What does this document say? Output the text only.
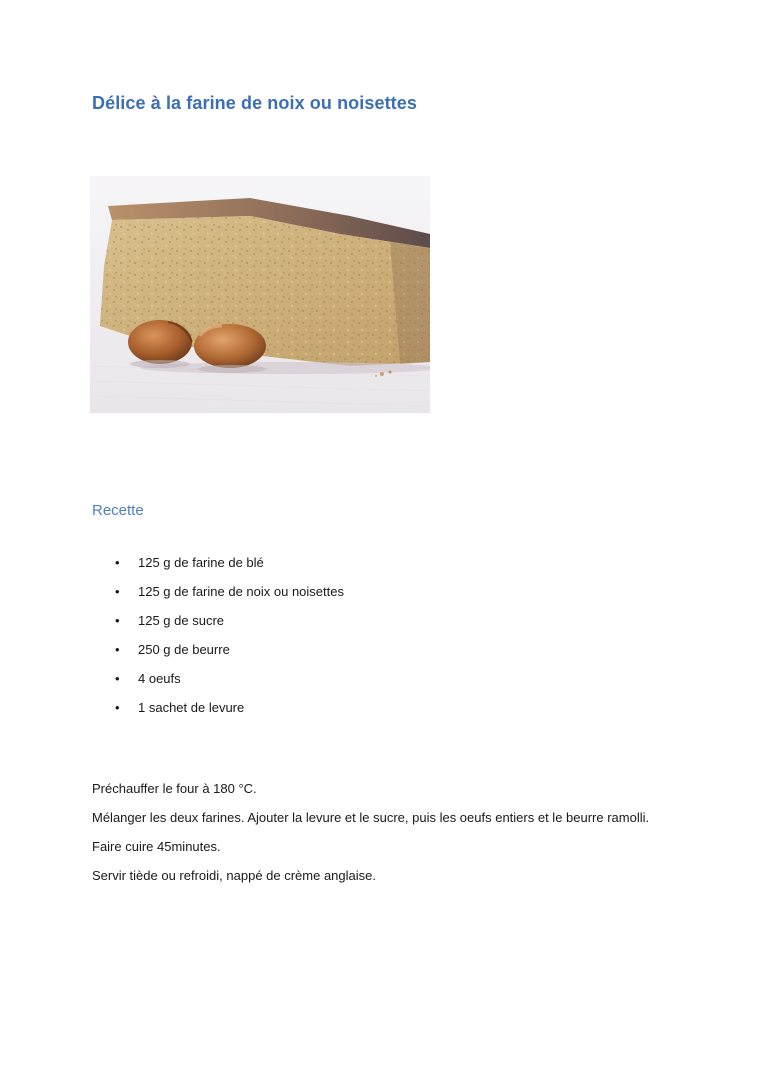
Délice à la farine de noix ou noisettes
Recette
• 125 g de farine de blé
• 125 g de farine de noix ou noisettes
• 125 g de sucre
• 250 g de beurre
• 4 oeufs
• 1 sachet de levure

Préchauffer le four à 180 °C.

Mélanger les deux farines. Ajouter la levure et le sucre, puis les oeufs entiers et le beurre ramolli.

Faire cuire 45minutes.

Servir tiède ou refroidi, nappé de crème anglaise.
